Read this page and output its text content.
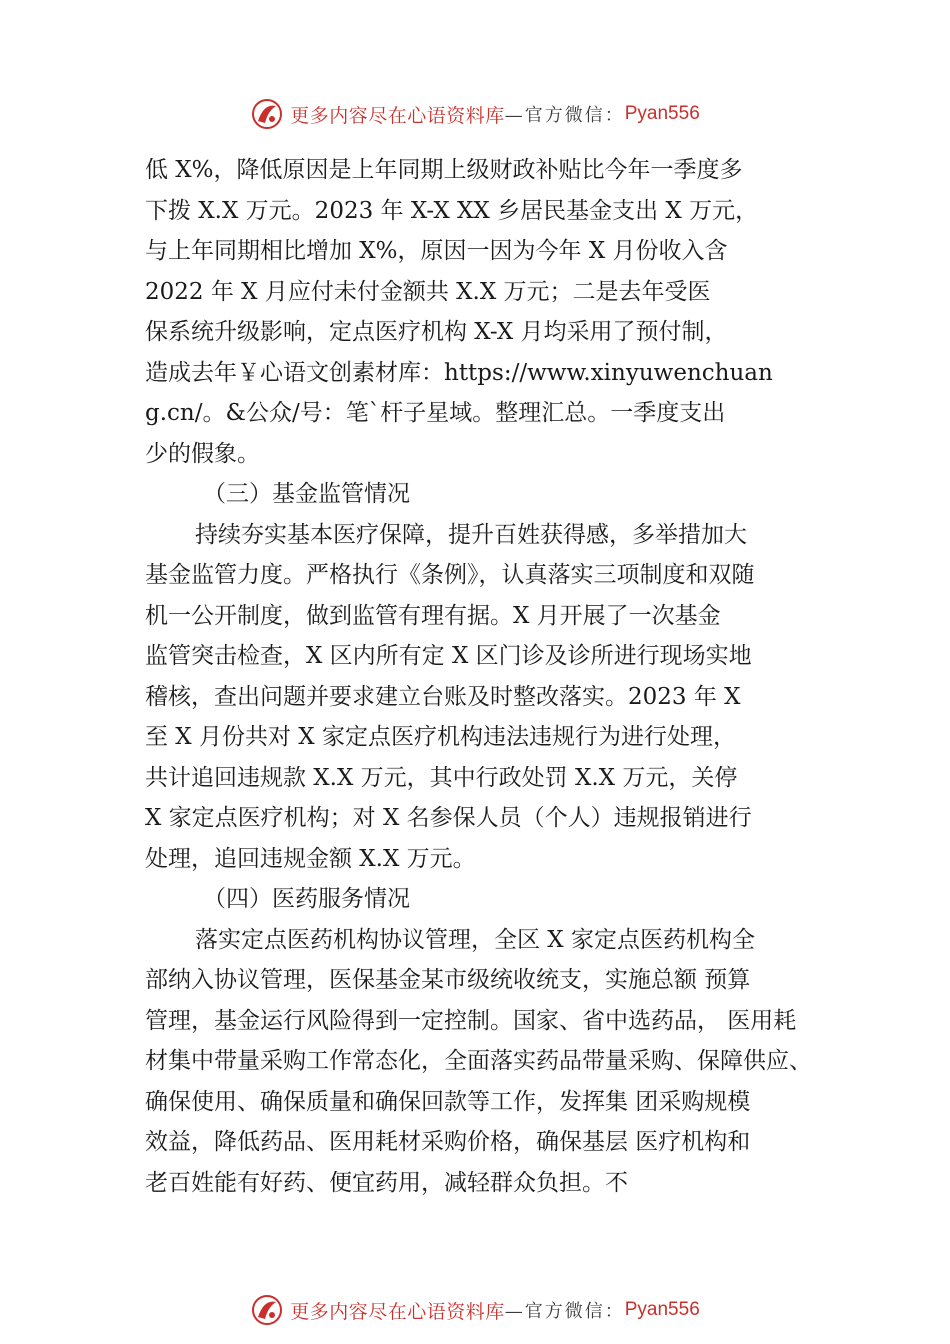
更多内容尽在心语资料库 —官方微信： Pyan556
低 X%，降低原因是上年同期上级财政补贴比今年一季度多
下拨 X.X 万元。2023 年 X-X XX 乡居民基金支出 X 万元，
与上年同期相比增加 X%，原因一因为今年 X 月份收入含
2022 年 X 月应付未付金额共 X.X 万元；二是去年受医
保系统升级影响，定点医疗机构 X-X 月均采用了预付制，
造成去年￥心语文创素材库：https://www.xinyuwenchuan
g.cn/。&公众/号：笔`杆子星域。整理汇总。一季度支出
少的假象。
（三）基金监管情况
持续夯实基本医疗保障，提升百姓获得感，多举措加大
基金监管力度。严格执行《条例》，认真落实三项制度和双随
机一公开制度，做到监管有理有据。X 月开展了一次基金
监管突击检查，X 区内所有定 X 区门诊及诊所进行现场实地
稽核，查出问题并要求建立台账及时整改落实。2023 年 X
至 X 月份共对 X 家定点医疗机构违法违规行为进行处理，
共计追回违规款 X.X 万元，其中行政处罚 X.X 万元，关停
X 家定点医疗机构；对 X 名参保人员（个人）违规报销进行
处理，追回违规金额 X.X 万元。
（四）医药服务情况
落实定点医药机构协议管理，全区 X 家定点医药机构全
部纳入协议管理，医保基金某市级统收统支，实施总额 预算
管理，基金运行风险得到一定控制。国家、省中选药品， 医用耗
材集中带量采购工作常态化，全面落实药品带量采购、保障供应、
确保使用、确保质量和确保回款等工作，发挥集 团采购规模
效益，降低药品、医用耗材采购价格，确保基层 医疗机构和
老百姓能有好药、便宜药用，减轻群众负担。不
更多内容尽在心语资料库 —官方微信： Pyan556
